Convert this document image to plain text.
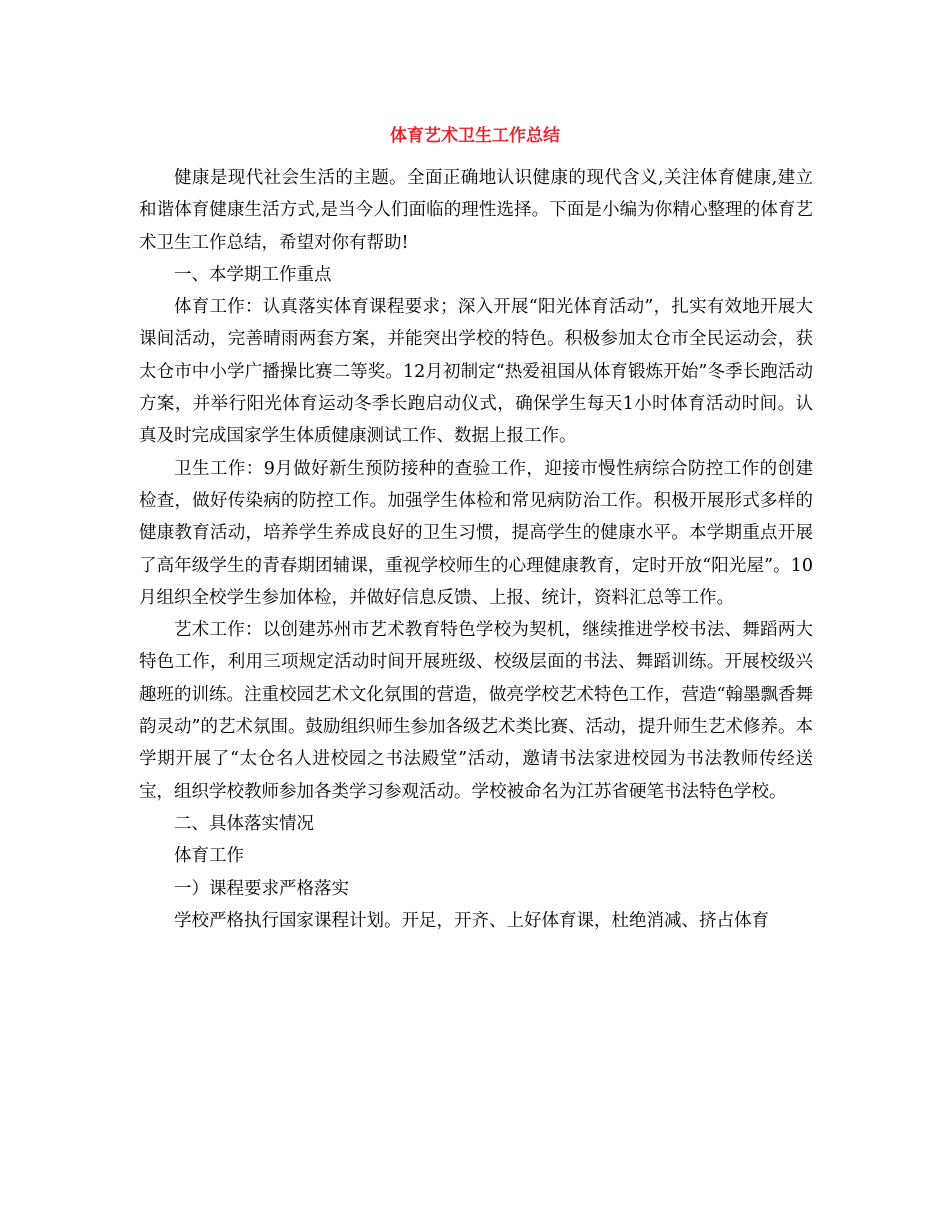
体育艺术卫生工作总结

健康是现代社会生活的主题。全面正确地认识健康的现代含义,关注体育健康,建立和谐体育健康生活方式,是当今人们面临的理性选择。下面是小编为你精心整理的体育艺术卫生工作总结，希望对你有帮助!

一、本学期工作重点

体育工作：认真落实体育课程要求；深入开展“阳光体育活动”，扎实有效地开展大课间活动，完善晴雨两套方案，并能突出学校的特色。积极参加太仓市全民运动会，获太仓市中小学广播操比赛二等奖。12月初制定“热爱祖国从体育锻炼开始”冬季长跑活动方案，并举行阳光体育运动冬季长跑启动仪式，确保学生每天1小时体育活动时间。认真及时完成国家学生体质健康测试工作、数据上报工作。

卫生工作：9月做好新生预防接种的查验工作，迎接市慢性病综合防控工作的创建检查，做好传染病的防控工作。加强学生体检和常见病防治工作。积极开展形式多样的健康教育活动，培养学生养成良好的卫生习惯，提高学生的健康水平。本学期重点开展了高年级学生的青春期团辅课，重视学校师生的心理健康教育，定时开放“阳光屋”。10月组织全校学生参加体检，并做好信息反馈、上报、统计，资料汇总等工作。

艺术工作：以创建苏州市艺术教育特色学校为契机，继续推进学校书法、舞蹈两大特色工作，利用三项规定活动时间开展班级、校级层面的书法、舞蹈训练。开展校级兴趣班的训练。注重校园艺术文化氛围的营造，做亮学校艺术特色工作，营造“翰墨飘香舞韵灵动”的艺术氛围。鼓励组织师生参加各级艺术类比赛、活动，提升师生艺术修养。本学期开展了“太仓名人进校园之书法殿堂”活动，邀请书法家进校园为书法教师传经送宝，组织学校教师参加各类学习参观活动。学校被命名为江苏省硬笔书法特色学校。

二、具体落实情况

体育工作

一）课程要求严格落实

学校严格执行国家课程计划。开足，开齐、上好体育课，杜绝消减、挤占体育
